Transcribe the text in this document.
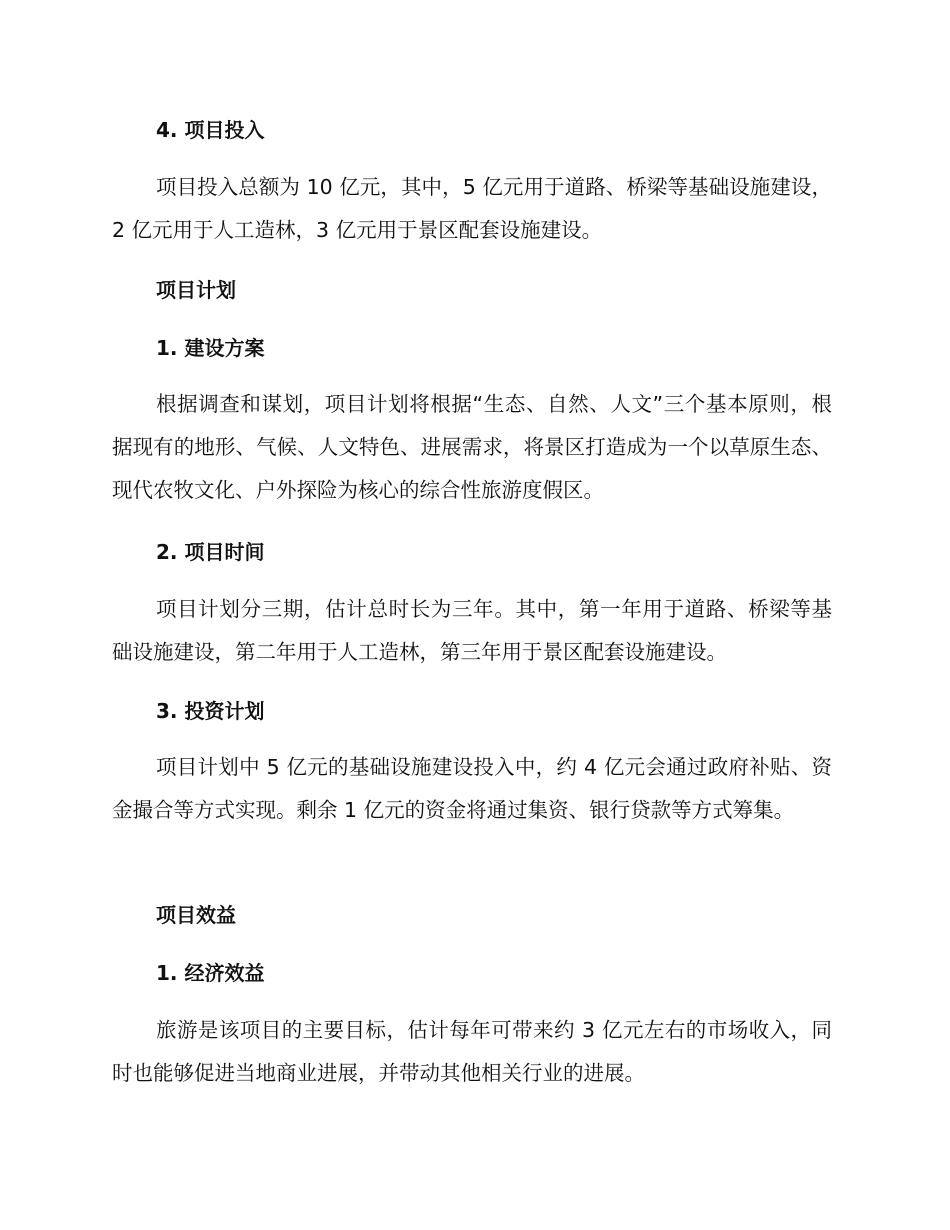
4. 项目投入

项目投入总额为 10 亿元，其中，5 亿元用于道路、桥梁等基础设施建设，2 亿元用于人工造林，3 亿元用于景区配套设施建设。

项目计划
1. 建设方案

根据调查和谋划，项目计划将根据“生态、自然、人文”三个基本原则，根据现有的地形、气候、人文特色、进展需求，将景区打造成为一个以草原生态、现代农牧文化、户外探险为核心的综合性旅游度假区。

2. 项目时间

项目计划分三期，估计总时长为三年。其中，第一年用于道路、桥梁等基础设施建设，第二年用于人工造林，第三年用于景区配套设施建设。

3. 投资计划

项目计划中 5 亿元的基础设施建设投入中，约 4 亿元会通过政府补贴、资金撮合等方式实现。剩余 1 亿元的资金将通过集资、银行贷款等方式筹集。

项目效益
1. 经济效益

旅游是该项目的主要目标，估计每年可带来约 3 亿元左右的市场收入，同时也能够促进当地商业进展，并带动其他相关行业的进展。
